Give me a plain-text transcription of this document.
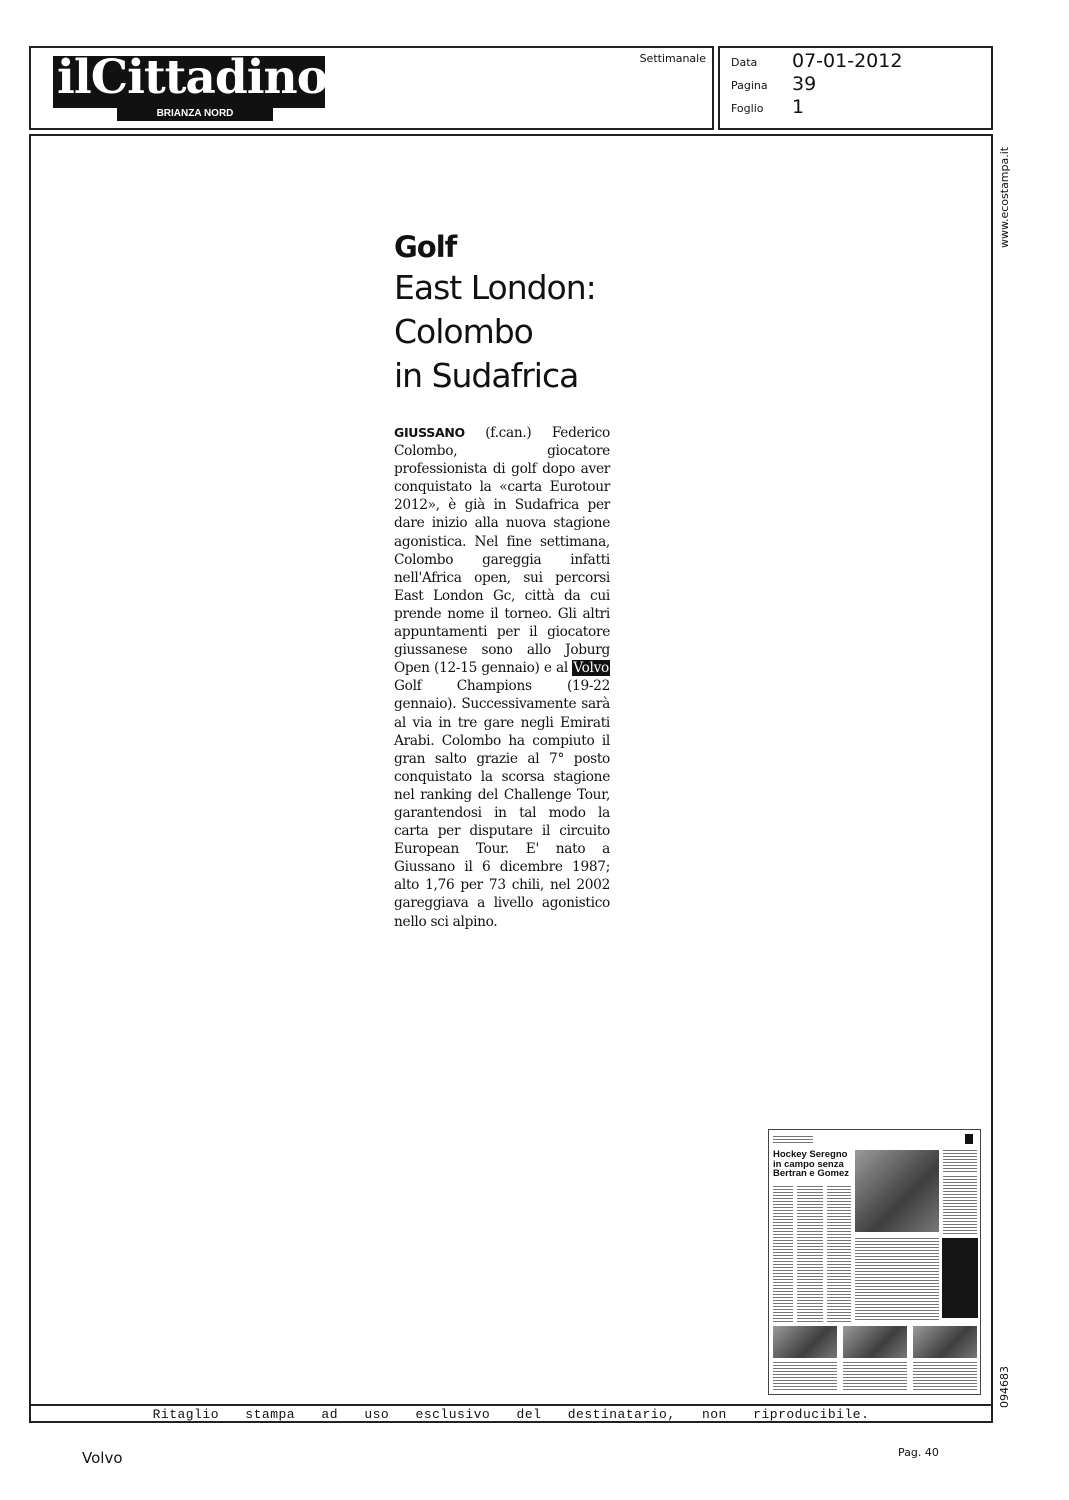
ilCittadino
BRIANZA NORD
Settimanale Data 07-01-2012
Pagina 39
Foglio 1
www.ecostampa.it
094683
Golf
East London:
Colombo
in Sudafrica
GIUSSANO (f.can.) Federico Colombo, giocatore professionista di golf dopo aver conquistato la «carta Eurotour 2012», è già in Sudafrica per dare inizio alla nuova stagione agonistica. Nel fine settimana, Colombo gareggia infatti nell'Africa open, sui percorsi East London Gc, città da cui prende nome il torneo. Gli altri appuntamenti per il giocatore giussanese sono allo Joburg Open (12-15 gennaio) e al Volvo Golf Champions (19-22 gennaio). Successivamente sarà al via in tre gare negli Emirati Arabi. Colombo ha compiuto il gran salto grazie al 7° posto conquistato la scorsa stagione nel ranking del Challenge Tour, garantendosi in tal modo la carta per disputare il circuito European Tour. E' nato a Giussano il 6 dicembre 1987; alto 1,76 per 73 chili, nel 2002 gareggiava a livello agonistico nello sci alpino.
Hockey Seregno in campo senza Bertran e Gomez
Ritaglio stampa ad uso esclusivo del destinatario, non riproducibile.
Volvo	Pag. 40
